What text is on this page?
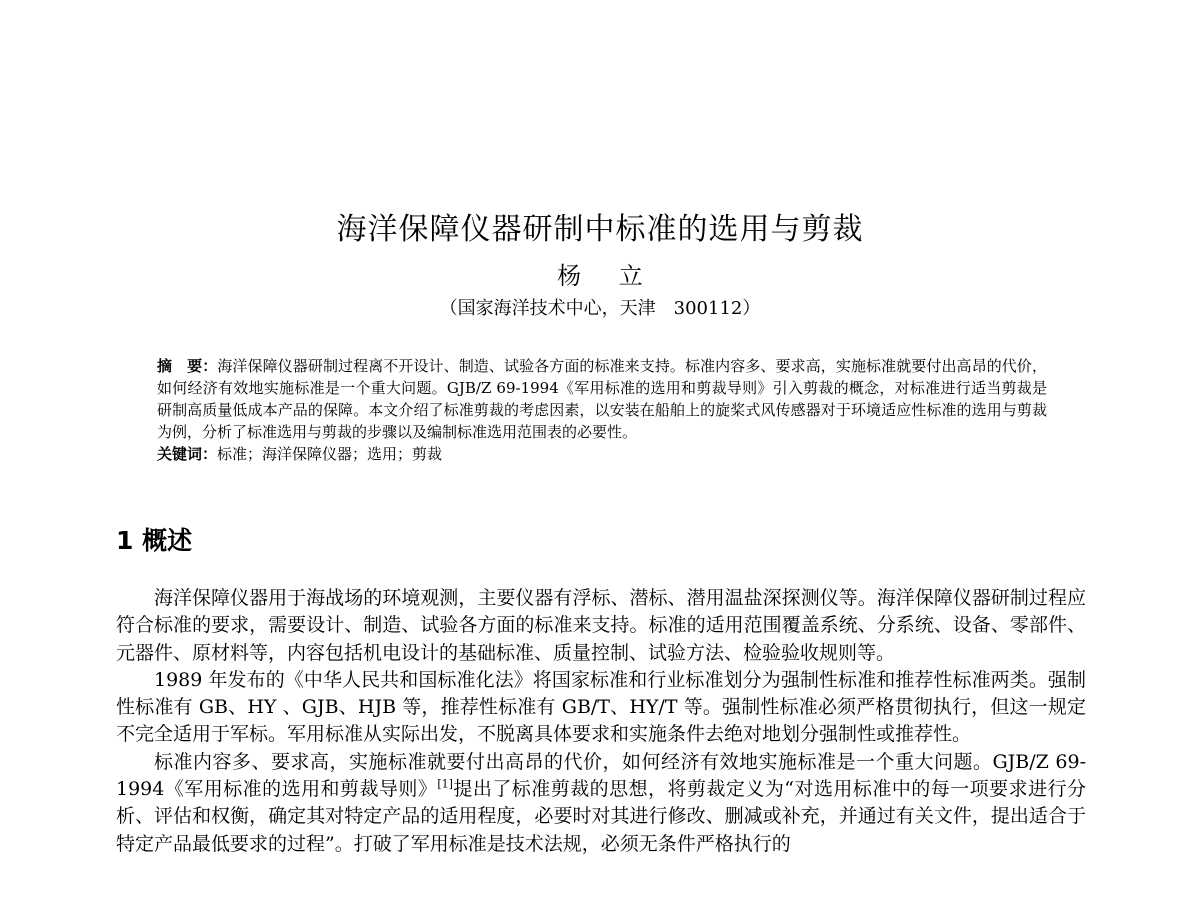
海洋保障仪器研制中标准的选用与剪裁
杨 立
（国家海洋技术中心，天津　300112）

摘　要：海洋保障仪器研制过程离不开设计、制造、试验各方面的标准来支持。标准内容多、要求高，实施标准就要付出高昂的代价，如何经济有效地实施标准是一个重大问题。GJB/Z 69-1994《军用标准的选用和剪裁导则》引入剪裁的概念，对标准进行适当剪裁是研制高质量低成本产品的保障。本文介绍了标准剪裁的考虑因素，以安装在船舶上的旋桨式风传感器对于环境适应性标准的选用与剪裁为例，分析了标准选用与剪裁的步骤以及编制标准选用范围表的必要性。

关键词：标准；海洋保障仪器；选用；剪裁

1 概述

海洋保障仪器用于海战场的环境观测，主要仪器有浮标、潜标、潜用温盐深探测仪等。海洋保障仪器研制过程应符合标准的要求，需要设计、制造、试验各方面的标准来支持。标准的适用范围覆盖系统、分系统、设备、零部件、元器件、原材料等，内容包括机电设计的基础标准、质量控制、试验方法、检验验收规则等。

1989 年发布的《中华人民共和国标准化法》将国家标准和行业标准划分为强制性标准和推荐性标准两类。强制性标准有 GB、HY 、GJB、HJB 等，推荐性标准有 GB/T、HY/T 等。强制性标准必须严格贯彻执行，但这一规定不完全适用于军标。军用标准从实际出发，不脱离具体要求和实施条件去绝对地划分强制性或推荐性。

标准内容多、要求高，实施标准就要付出高昂的代价，如何经济有效地实施标准是一个重大问题。GJB/Z 69-1994《军用标准的选用和剪裁导则》[1]提出了标准剪裁的思想，将剪裁定义为“对选用标准中的每一项要求进行分析、评估和权衡，确定其对特定产品的适用程度，必要时对其进行修改、删减或补充，并通过有关文件，提出适合于特定产品最低要求的过程”。打破了军用标准是技术法规，必须无条件严格执行的
